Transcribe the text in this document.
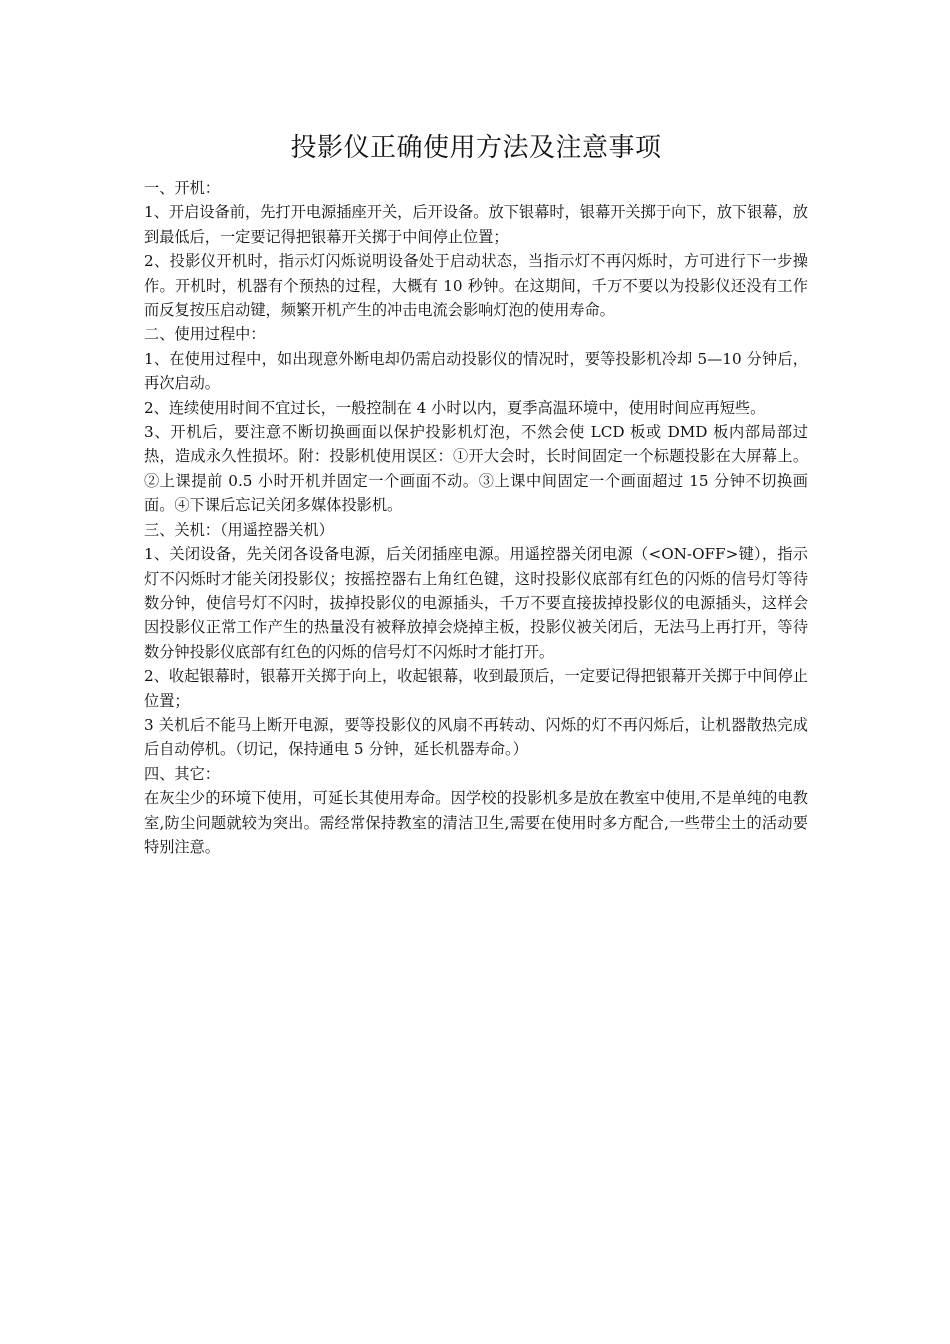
投影仪正确使用方法及注意事项

一、开机：

1、开启设备前，先打开电源插座开关，后开设备。放下银幕时，银幕开关掷于向下，放下银幕，放到最低后，一定要记得把银幕开关掷于中间停止位置；

2、投影仪开机时，指示灯闪烁说明设备处于启动状态，当指示灯不再闪烁时，方可进行下一步操作。开机时，机器有个预热的过程，大概有 10 秒钟。在这期间，千万不要以为投影仪还没有工作而反复按压启动键，频繁开机产生的冲击电流会影响灯泡的使用寿命。

二、使用过程中：

1、在使用过程中，如出现意外断电却仍需启动投影仪的情况时，要等投影机冷却 5—10 分钟后，再次启动。

2、连续使用时间不宜过长，一般控制在 4 小时以内，夏季高温环境中，使用时间应再短些。

3、开机后，要注意不断切换画面以保护投影机灯泡，不然会使 LCD 板或 DMD 板内部局部过热，造成永久性损坏。附：投影机使用误区：①开大会时，长时间固定一个标题投影在大屏幕上。②上课提前 0.5 小时开机并固定一个画面不动。③上课中间固定一个画面超过 15 分钟不切换画面。④下课后忘记关闭多媒体投影机。

三、关机：（用遥控器关机）

1、关闭设备，先关闭各设备电源，后关闭插座电源。用遥控器关闭电源（<ON-OFF>键），指示灯不闪烁时才能关闭投影仪；按摇控器右上角红色键，这时投影仪底部有红色的闪烁的信号灯等待数分钟，使信号灯不闪时，拔掉投影仪的电源插头，千万不要直接拔掉投影仪的电源插头，这样会因投影仪正常工作产生的热量没有被释放掉会烧掉主板，投影仪被关闭后，无法马上再打开，等待数分钟投影仪底部有红色的闪烁的信号灯不闪烁时才能打开。

2、收起银幕时，银幕开关掷于向上，收起银幕，收到最顶后，一定要记得把银幕开关掷于中间停止位置；

3 关机后不能马上断开电源，要等投影仪的风扇不再转动、闪烁的灯不再闪烁后，让机器散热完成后自动停机。（切记，保持通电 5 分钟，延长机器寿命。）

四、其它：

在灰尘少的环境下使用，可延长其使用寿命。因学校的投影机多是放在教室中使用,不是单纯的电教室,防尘问题就较为突出。需经常保持教室的清洁卫生,需要在使用时多方配合,一些带尘土的活动要特别注意。
